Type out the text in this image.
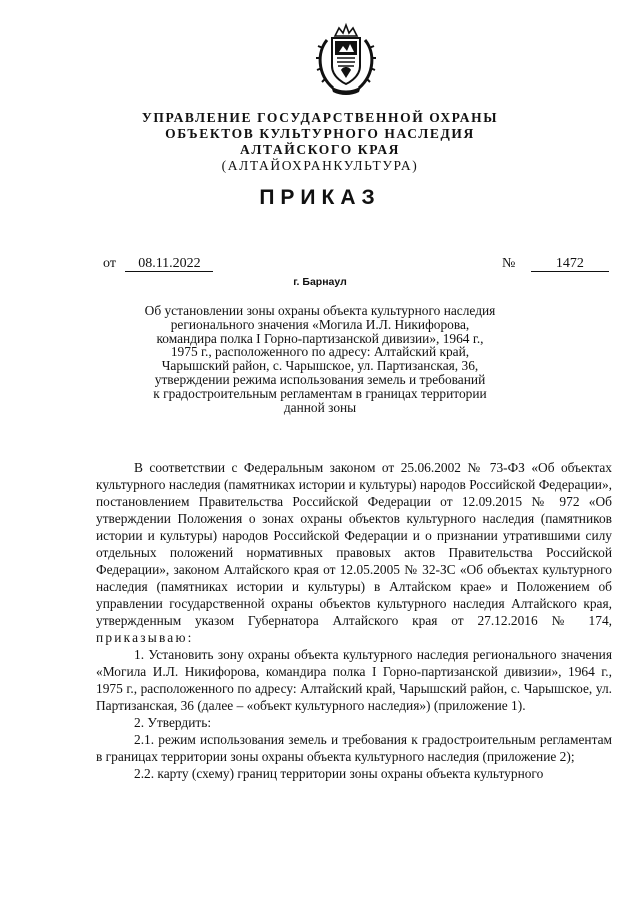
УПРАВЛЕНИЕ ГОСУДАРСТВЕННОЙ ОХРАНЫ
ОБЪЕКТОВ КУЛЬТУРНОГО НАСЛЕДИЯ
АЛТАЙСКОГО КРАЯ
(АЛТАЙОХРАНКУЛЬТУРА)
ПРИКАЗ
от 08.11.2022	№	1472
г. Барнаул
Об установлении зоны охраны объекта культурного наследия
регионального значения «Могила И.Л. Никифорова,
командира полка I Горно-партизанской дивизии», 1964 г.,
1975 г., расположенного по адресу: Алтайский край,
Чарышский район, с. Чарышское, ул. Партизанская, 36,
утверждении режима использования земель и требований
к градостроительным регламентам в границах территории
данной зоны

В соответствии с Федеральным законом от 25.06.2002 № 73-ФЗ «Об объектах культурного наследия (памятниках истории и культуры) народов Российской Федерации», постановлением Правительства Российской Федерации от 12.09.2015 № 972 «Об утверждении Положения о зонах охраны объектов культурного наследия (памятников истории и культуры) народов Российской Федерации и о признании утратившими силу отдельных положений нормативных правовых актов Правительства Российской Федерации», законом Алтайского края от 12.05.2005 № 32-ЗС «Об объектах культурного наследия (памятниках истории и культуры) в Алтайском крае» и Положением об управлении государственной охраны объектов культурного наследия Алтайского края, утвержденным указом Губернатора Алтайского края от 27.12.2016 № 174, приказываю:

1. Установить зону охраны объекта культурного наследия регионального значения «Могила И.Л. Никифорова, командира полка I Горно-партизанской дивизии», 1964 г., 1975 г., расположенного по адресу: Алтайский край, Чарышский район, с. Чарышское, ул. Партизанская, 36 (далее – «объект культурного наследия») (приложение 1).

2. Утвердить:

2.1. режим использования земель и требования к градостроительным регламентам в границах территории зоны охраны объекта культурного наследия (приложение 2);

2.2. карту (схему) границ территории зоны охраны объекта культурного
